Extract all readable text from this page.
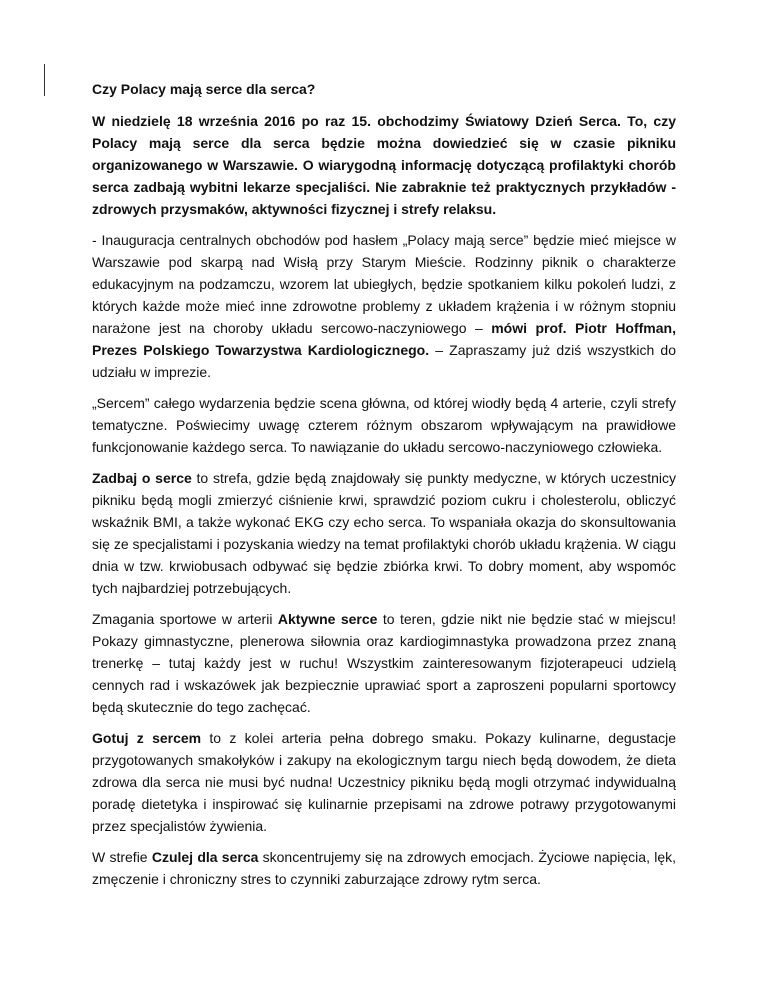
Czy Polacy mają serce dla serca?

W niedzielę 18 września 2016 po raz 15. obchodzimy Światowy Dzień Serca. To, czy Polacy mają serce dla serca będzie można dowiedzieć się w czasie pikniku organizowanego w Warszawie. O wiarygodną informację dotyczącą profilaktyki chorób serca zadbają wybitni lekarze specjaliści. Nie zabraknie też praktycznych przykładów - zdrowych przysmaków, aktywności fizycznej i strefy relaksu.

- Inauguracja centralnych obchodów pod hasłem „Polacy mają serce” będzie mieć miejsce w Warszawie pod skarpą nad Wisłą przy Starym Mieście. Rodzinny piknik o charakterze edukacyjnym na podzamczu, wzorem lat ubiegłych, będzie spotkaniem kilku pokoleń ludzi, z których każde może mieć inne zdrowotne problemy z układem krążenia i w różnym stopniu narażone jest na choroby układu sercowo-naczyniowego – mówi prof. Piotr Hoffman, Prezes Polskiego Towarzystwa Kardiologicznego. – Zapraszamy już dziś wszystkich do udziału w imprezie.

„Sercem” całego wydarzenia będzie scena główna, od której wiodły będą 4 arterie, czyli strefy tematyczne. Poświecimy uwagę czterem różnym obszarom wpływającym na prawidłowe funkcjonowanie każdego serca. To nawiązanie do układu sercowo-naczyniowego człowieka.

Zadbaj o serce to strefa, gdzie będą znajdowały się punkty medyczne, w których uczestnicy pikniku będą mogli zmierzyć ciśnienie krwi, sprawdzić poziom cukru i cholesterolu, obliczyć wskaźnik BMI, a także wykonać EKG czy echo serca. To wspaniała okazja do skonsultowania się ze specjalistami i pozyskania wiedzy na temat profilaktyki chorób układu krążenia. W ciągu dnia w tzw. krwiobusach odbywać się będzie zbiórka krwi. To dobry moment, aby wspomóc tych najbardziej potrzebujących.

Zmagania sportowe w arterii Aktywne serce to teren, gdzie nikt nie będzie stać w miejscu! Pokazy gimnastyczne, plenerowa siłownia oraz kardiogimnastyka prowadzona przez znaną trenerkę – tutaj każdy jest w ruchu! Wszystkim zainteresowanym fizjoterapeuci udzielą cennych rad i wskazówek jak bezpiecznie uprawiać sport a zaproszeni popularni sportowcy będą skutecznie do tego zachęcać.

Gotuj z sercem to z kolei arteria pełna dobrego smaku. Pokazy kulinarne, degustacje przygotowanych smakołyków i zakupy na ekologicznym targu niech będą dowodem, że dieta zdrowa dla serca nie musi być nudna! Uczestnicy pikniku będą mogli otrzymać indywidualną poradę dietetyka i inspirować się kulinarnie przepisami na zdrowe potrawy przygotowanymi przez specjalistów żywienia.

W strefie Czulej dla serca skoncentrujemy się na zdrowych emocjach. Życiowe napięcia, lęk, zmęczenie i chroniczny stres to czynniki zaburzające zdrowy rytm serca.
